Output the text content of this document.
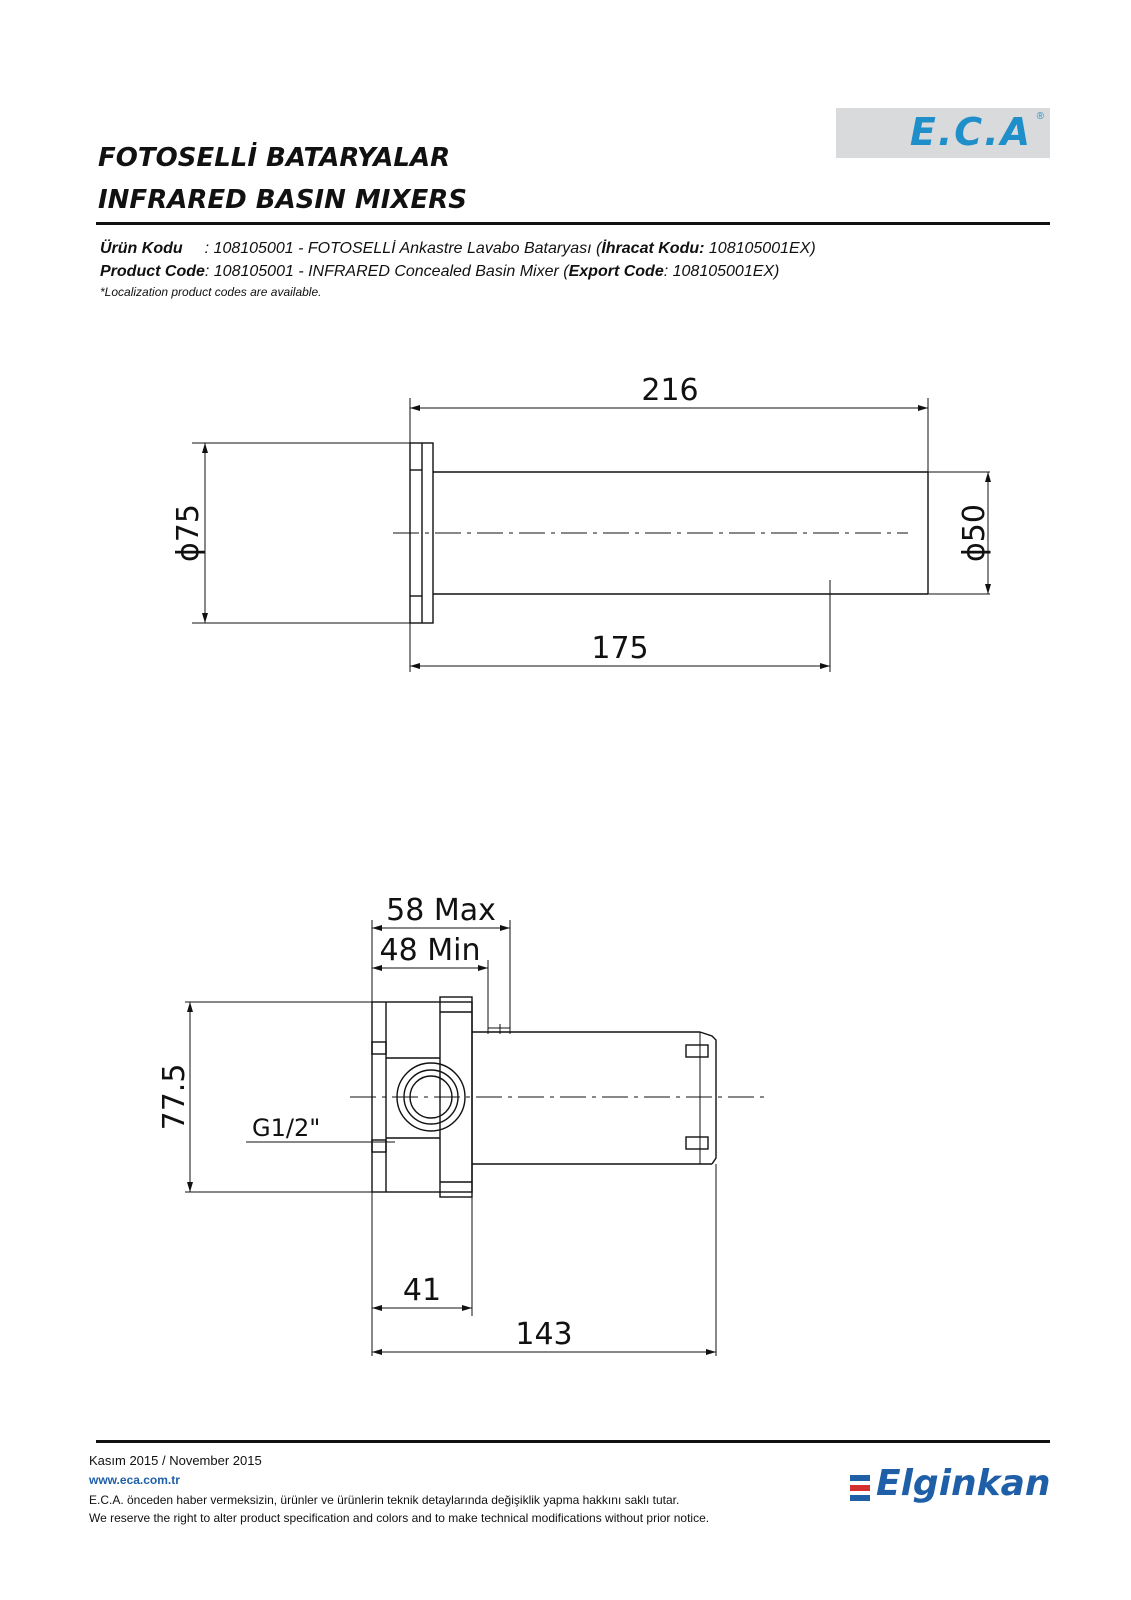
E.C.A ®
FOTOSELLİ BATARYALAR
INFRARED BASIN MIXERS
Ürün Kodu : 108105001 - FOTOSELLİ Ankastre Lavabo Bataryası (İhracat Kodu: 108105001EX)
Product Code: 108105001 - INFRARED Concealed Basin Mixer (Export Code: 108105001EX)
*Localization product codes are available.
216
175
ϕ75	ϕ50
58 Max
48 Min
77.5	G1/2"
41
143
Kasım 2015 / November 2015
www.eca.com.tr
E.C.A. önceden haber vermeksizin, ürünler ve ürünlerin teknik detaylarında değişiklik yapma hakkını saklı tutar.
We reserve the right to alter product specification and colors and to make technical modifications without prior notice.
Elginkan
